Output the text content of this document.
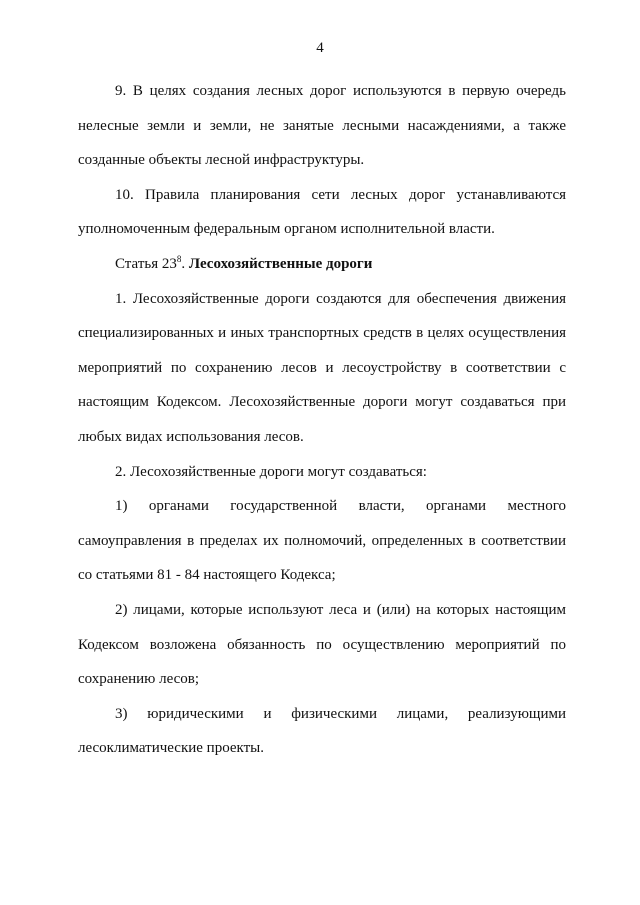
4

9. В целях создания лесных дорог используются в первую очередь нелесные земли и земли, не занятые лесными насаждениями, а также созданные объекты лесной инфраструктуры.

10. Правила планирования сети лесных дорог устанавливаются уполномоченным федеральным органом исполнительной власти.

Статья $23^8$. Лесохозяйственные дороги

1. Лесохозяйственные дороги создаются для обеспечения движения специализированных и иных транспортных средств в целях осуществления мероприятий по сохранению лесов и лесоустройству в соответствии с настоящим Кодексом. Лесохозяйственные дороги могут создаваться при любых видах использования лесов.

2. Лесохозяйственные дороги могут создаваться:

1) органами государственной власти, органами местного самоуправления в пределах их полномочий, определенных в соответствии со статьями 81 - 84 настоящего Кодекса;

2) лицами, которые используют леса и (или) на которых настоящим Кодексом возложена обязанность по осуществлению мероприятий по сохранению лесов;

3) юридическими и физическими лицами, реализующими лесоклиматические проекты.
